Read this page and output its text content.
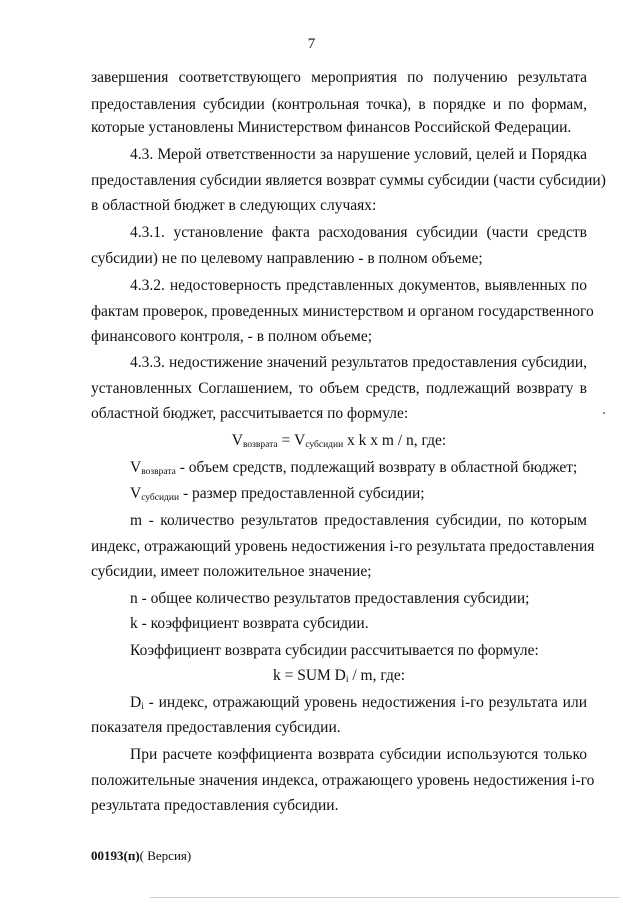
7
завершения соответствующего мероприятия по получению результата
предоставления субсидии (контрольная точка), в порядке и по формам,
которые установлены Министерством финансов Российской Федерации.
4.3. Мерой ответственности за нарушение условий, целей и Порядка
предоставления субсидии является возврат суммы субсидии (части субсидии)
в областной бюджет в следующих случаях:
4.3.1. установление факта расходования субсидии (части средств
субсидии) не по целевому направлению - в полном объеме;
4.3.2. недостоверность представленных документов, выявленных по
фактам проверок, проведенных министерством и органом государственного
финансового контроля, - в полном объеме;
4.3.3. недостижение значений результатов предоставления субсидии,
установленных Соглашением, то объем средств, подлежащий возврату в
областной бюджет, рассчитывается по формуле:
$V_{возврата} = V_{субсидии}$ x k x m / n, где:
$V_{возврата}$ - объем средств, подлежащий возврату в областной бюджет;
$V_{субсидии}$ - размер предоставленной субсидии;
m - количество результатов предоставления субсидии, по которым
индекс, отражающий уровень недостижения i-го результата предоставления
субсидии, имеет положительное значение;
n - общее количество результатов предоставления субсидии;
k - коэффициент возврата субсидии.
Коэффициент возврата субсидии рассчитывается по формуле:
k = SUM $D_i$ / m, где:
$D_i$ - индекс, отражающий уровень недостижения i-го результата или
показателя предоставления субсидии.
При расчете коэффициента возврата субсидии используются только
положительные значения индекса, отражающего уровень недостижения i-го
результата предоставления субсидии.
00193(п)( Версия)
